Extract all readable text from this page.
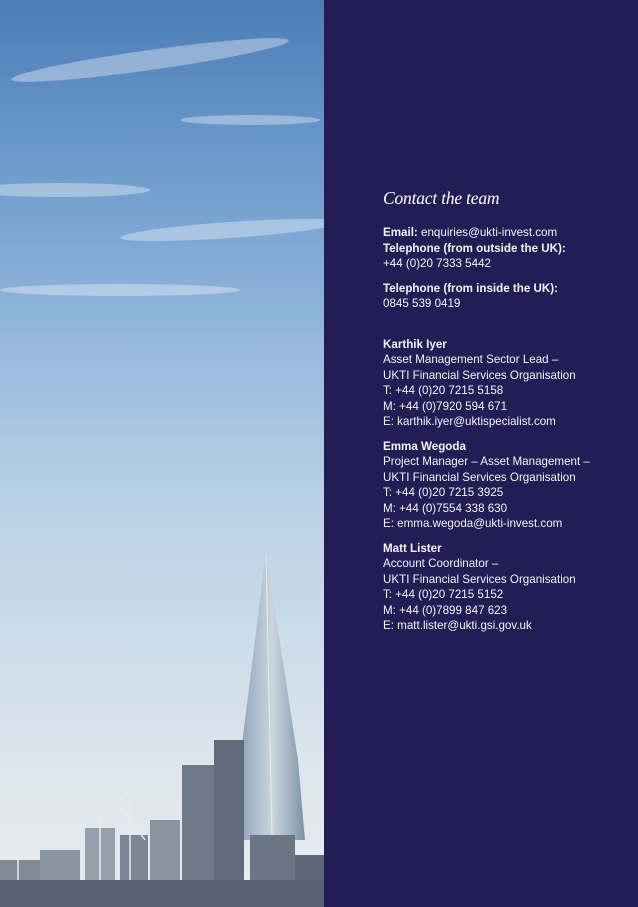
Contact the team

Email: enquiries@ukti-invest.com

Telephone (from outside the UK):

+44 (0)20 7333 5442

Telephone (from inside the UK):

0845 539 0419

Karthik Iyer

Asset Management Sector Lead –

UKTI Financial Services Organisation

T: +44 (0)20 7215 5158

M: +44 (0)7920 594 671

E: karthik.iyer@uktispecialist.com

Emma Wegoda

Project Manager – Asset Management –

UKTI Financial Services Organisation

T: +44 (0)20 7215 3925

M: +44 (0)7554 338 630

E: emma.wegoda@ukti-invest.com

Matt Lister

Account Coordinator –

UKTI Financial Services Organisation

T: +44 (0)20 7215 5152

M: +44 (0)7899 847 623

E: matt.lister@ukti.gsi.gov.uk
